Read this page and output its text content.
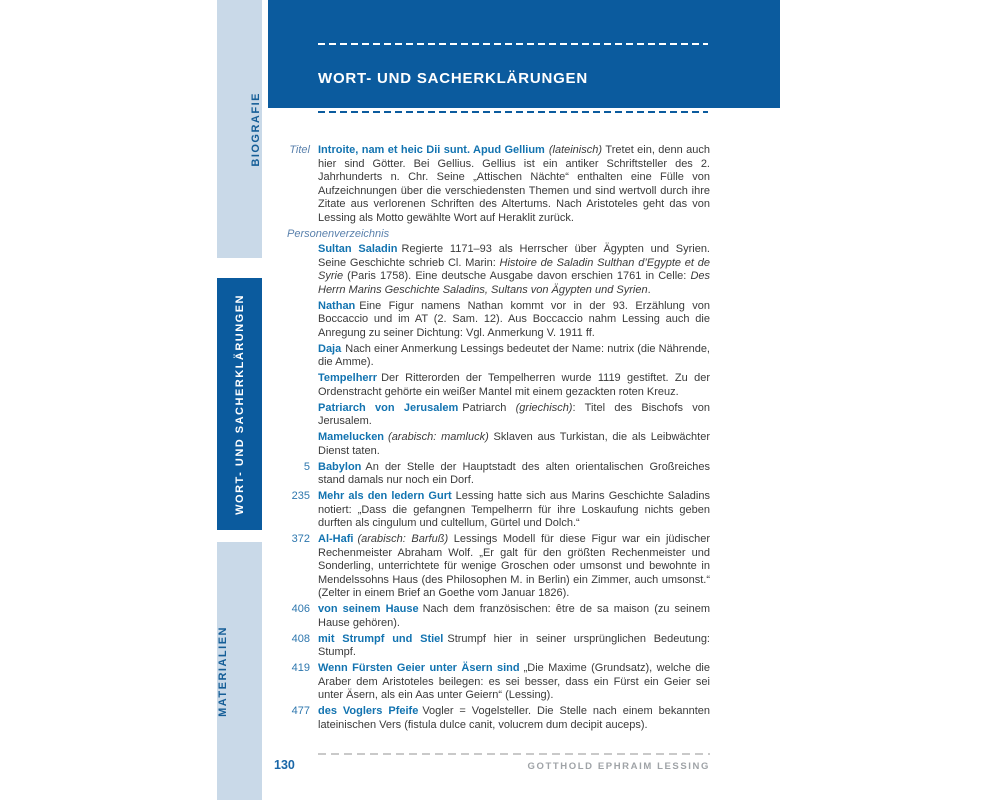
BIOGRAFIE
WORT- UND SACHERKLÄRUNGEN
MATERIALIEN
WORT- UND SACHERKLÄRUNGEN
Titel Introite, nam et heic Dii sunt. Apud Gellium (lateinisch) Tretet ein, denn auch hier sind Götter. Bei Gellius. Gellius ist ein antiker Schriftsteller des 2. Jahrhunderts n. Chr. Seine „Attischen Nächte“ enthalten eine Fülle von Aufzeichnungen über die verschiedensten Themen und sind wertvoll durch ihre Zitate aus verlorenen Schriften des Altertums. Nach Aristoteles geht das von Lessing als Motto gewählte Wort auf Heraklit zurück.

Personenverzeichnis

Sultan Saladin Regierte 1171–93 als Herrscher über Ägypten und Syrien. Seine Geschichte schrieb Cl. Marin: Histoire de Saladin Sulthan d’Egypte et de Syrie (Paris 1758). Eine deutsche Ausgabe davon erschien 1761 in Celle: Des Herrn Marins Geschichte Saladins, Sultans von Ägypten und Syrien.

Nathan Eine Figur namens Nathan kommt vor in der 93. Erzählung von Boccaccio und im AT (2. Sam. 12). Aus Boccaccio nahm Lessing auch die Anregung zu seiner Dichtung: Vgl. Anmerkung V. 1911 ff.

Daja Nach einer Anmerkung Lessings bedeutet der Name: nutrix (die Nährende, die Amme).

Tempelherr Der Ritterorden der Tempelherren wurde 1119 gestiftet. Zu der Ordenstracht gehörte ein weißer Mantel mit einem gezackten roten Kreuz.

Patriarch von Jerusalem Patriarch (griechisch): Titel des Bischofs von Jerusalem.

Mamelucken (arabisch: mamluck) Sklaven aus Turkistan, die als Leibwächter Dienst taten.

5 Babylon An der Stelle der Hauptstadt des alten orientalischen Großreiches stand damals nur noch ein Dorf.

235 Mehr als den ledern Gurt Lessing hatte sich aus Marins Geschichte Saladins notiert: „Dass die gefangnen Tempelherrn für ihre Loskaufung nichts geben durften als cingulum und cultellum, Gürtel und Dolch.“

372 Al-Hafi (arabisch: Barfuß) Lessings Modell für diese Figur war ein jüdischer Rechenmeister Abraham Wolf. „Er galt für den größten Rechenmeister und Sonderling, unterrichtete für wenige Groschen oder umsonst und bewohnte in Mendelssohns Haus (des Philosophen M. in Berlin) ein Zimmer, auch umsonst.“ (Zelter in einem Brief an Goethe vom Januar 1826).

406 von seinem Hause Nach dem französischen: être de sa maison (zu seinem Hause gehören).

408 mit Strumpf und Stiel Strumpf hier in seiner ursprünglichen Bedeutung: Stumpf.

419 Wenn Fürsten Geier unter Äsern sind „Die Maxime (Grundsatz), welche die Araber dem Aristoteles beilegen: es sei besser, dass ein Fürst ein Geier sei unter Äsern, als ein Aas unter Geiern“ (Lessing).

477 des Voglers Pfeife Vogler = Vogelsteller. Die Stelle nach einem bekannten lateinischen Vers (fistula dulce canit, volucrem dum decipit auceps).

130	GOTTHOLD EPHRAIM LESSING
